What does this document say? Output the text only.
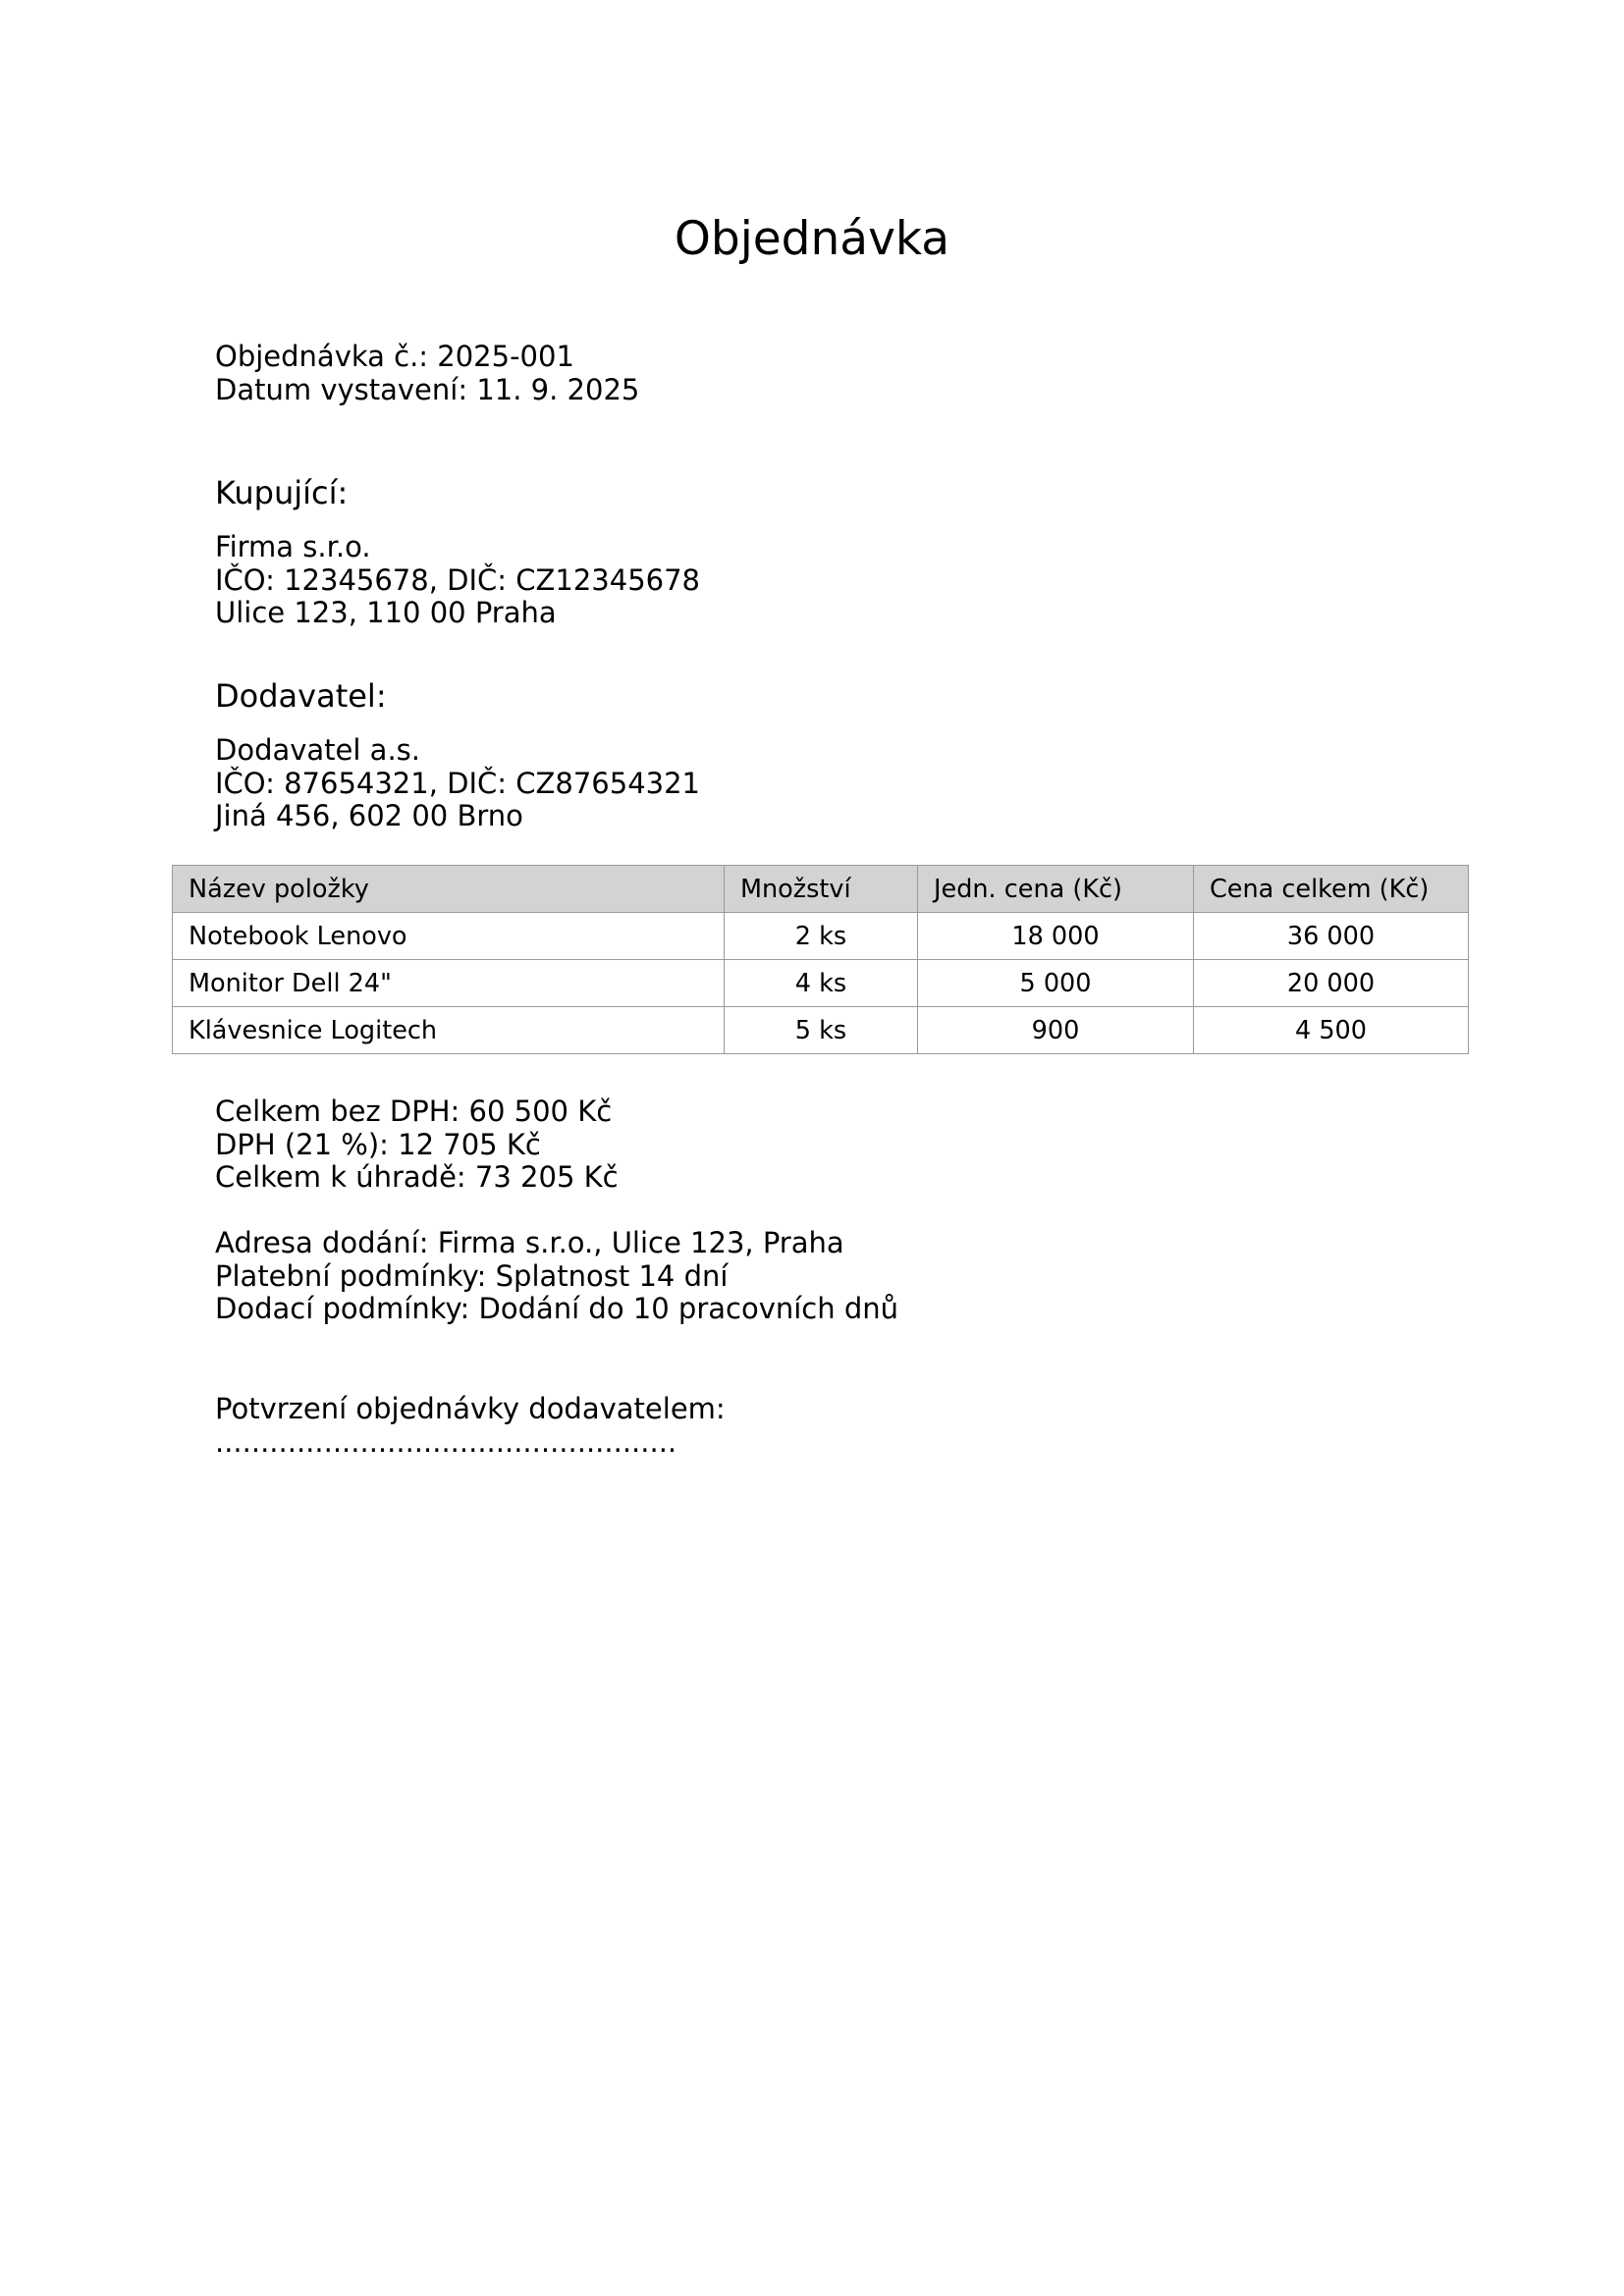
Objednávka
Objednávka č.: 2025-001
Datum vystavení: 11. 9. 2025
Kupující:
Firma s.r.o.
IČO: 12345678, DIČ: CZ12345678
Ulice 123, 110 00 Praha
Dodavatel:
Dodavatel a.s.
IČO: 87654321, DIČ: CZ87654321
Jiná 456, 602 00 Brno
Název položky	Množství	Jedn. cena (Kč)	Cena celkem (Kč)
Notebook Lenovo	2 ks	18 000	36 000
Monitor Dell 24"	4 ks	5 000	20 000
Klávesnice Logitech	5 ks	900	4 500
Celkem bez DPH: 60 500 Kč
DPH (21 %): 12 705 Kč
Celkem k úhradě: 73 205 Kč
Adresa dodání: Firma s.r.o., Ulice 123, Praha
Platební podmínky: Splatnost 14 dní
Dodací podmínky: Dodání do 10 pracovních dnů
Potvrzení objednávky dodavatelem:
...................................................
